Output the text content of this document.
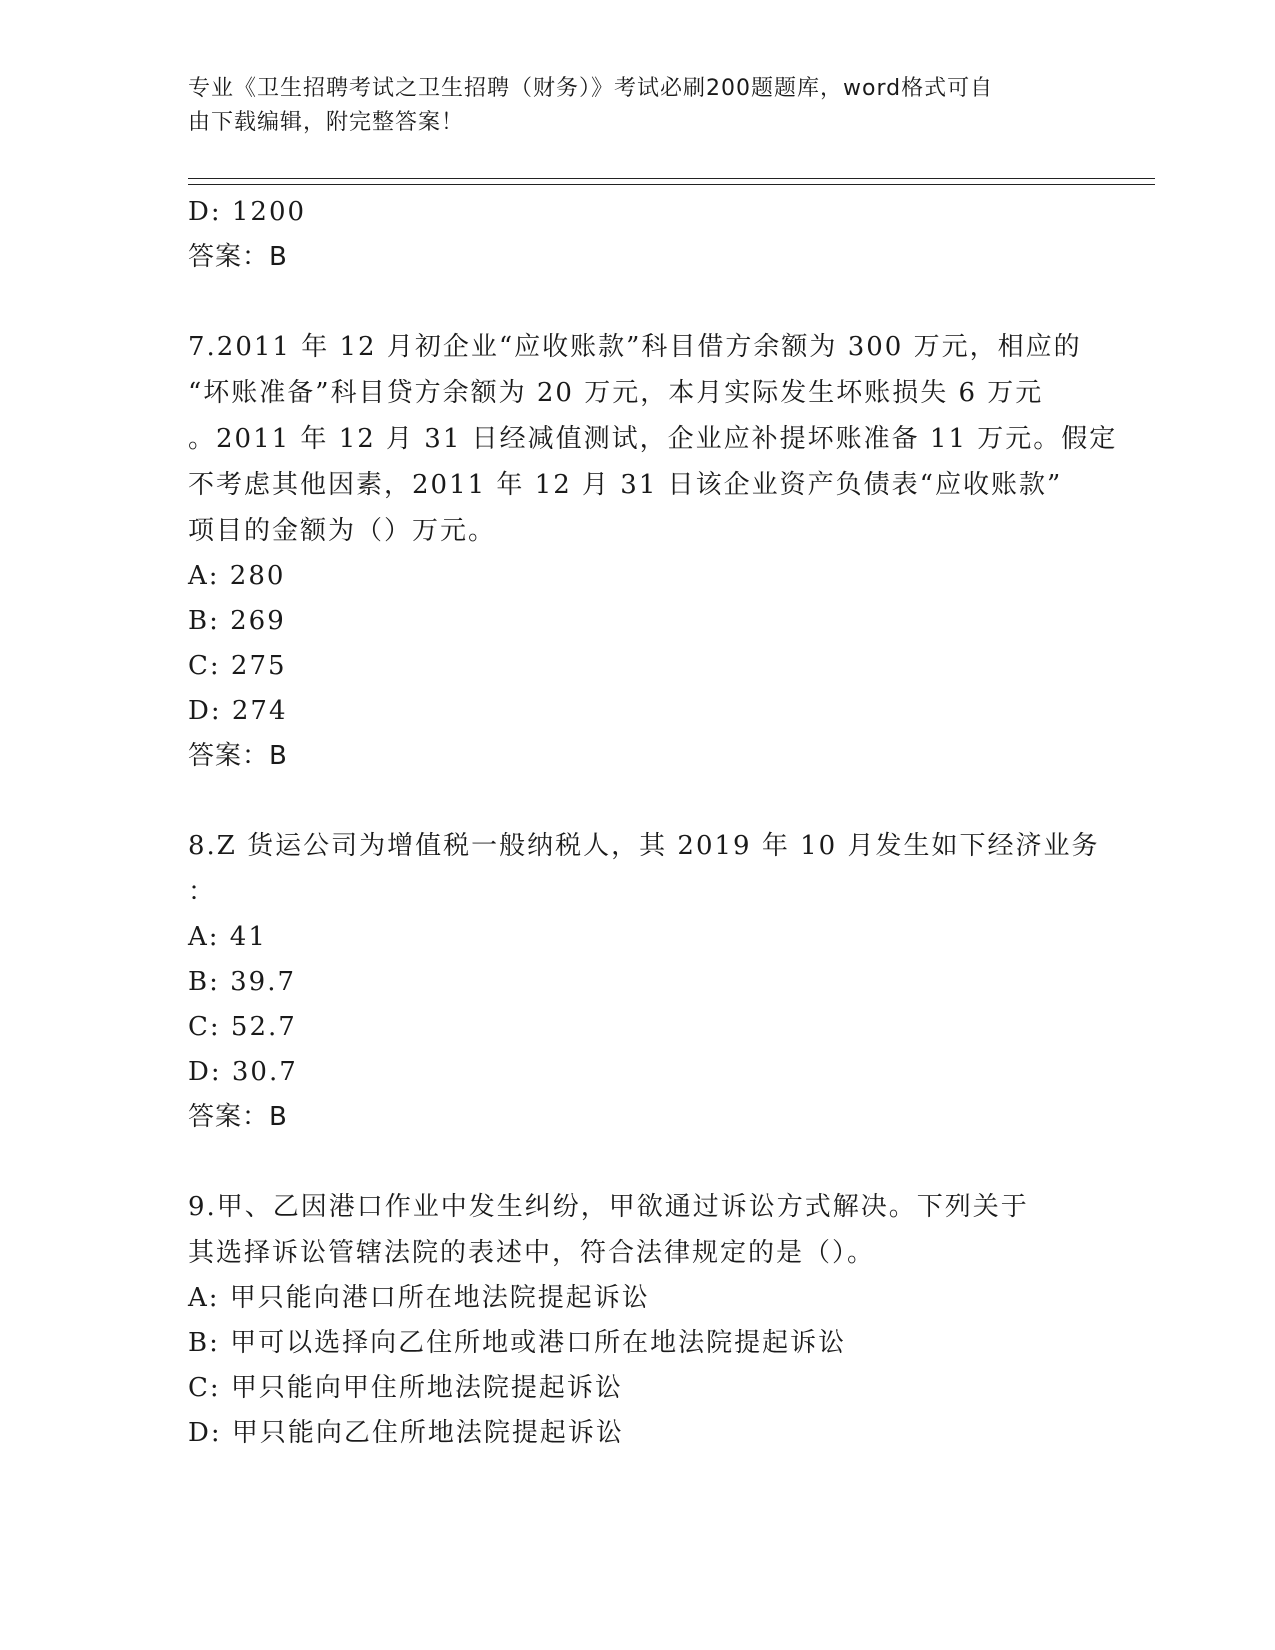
专业《卫生招聘考试之卫生招聘（财务）》考试必刷200题题库，word格式可自
由下载编辑，附完整答案！
D: 1200
答案：B
7.2011 年 12 月初企业“应收账款”科目借方余额为 300 万元，相应的
“坏账准备”科目贷方余额为 20 万元，本月实际发生坏账损失 6 万元
。2011 年 12 月 31 日经减值测试，企业应补提坏账准备 11 万元。假定
不考虑其他因素，2011 年 12 月 31 日该企业资产负债表“应收账款”
项目的金额为（）万元。
A: 280
B: 269
C: 275
D: 274
答案：B
8.Z 货运公司为增值税一般纳税人，其 2019 年 10 月发生如下经济业务
：
A: 41
B: 39.7
C: 52.7
D: 30.7
答案：B
9.甲、乙因港口作业中发生纠纷，甲欲通过诉讼方式解决。下列关于
其选择诉讼管辖法院的表述中，符合法律规定的是（）。
A: 甲只能向港口所在地法院提起诉讼
B: 甲可以选择向乙住所地或港口所在地法院提起诉讼
C: 甲只能向甲住所地法院提起诉讼
D: 甲只能向乙住所地法院提起诉讼
